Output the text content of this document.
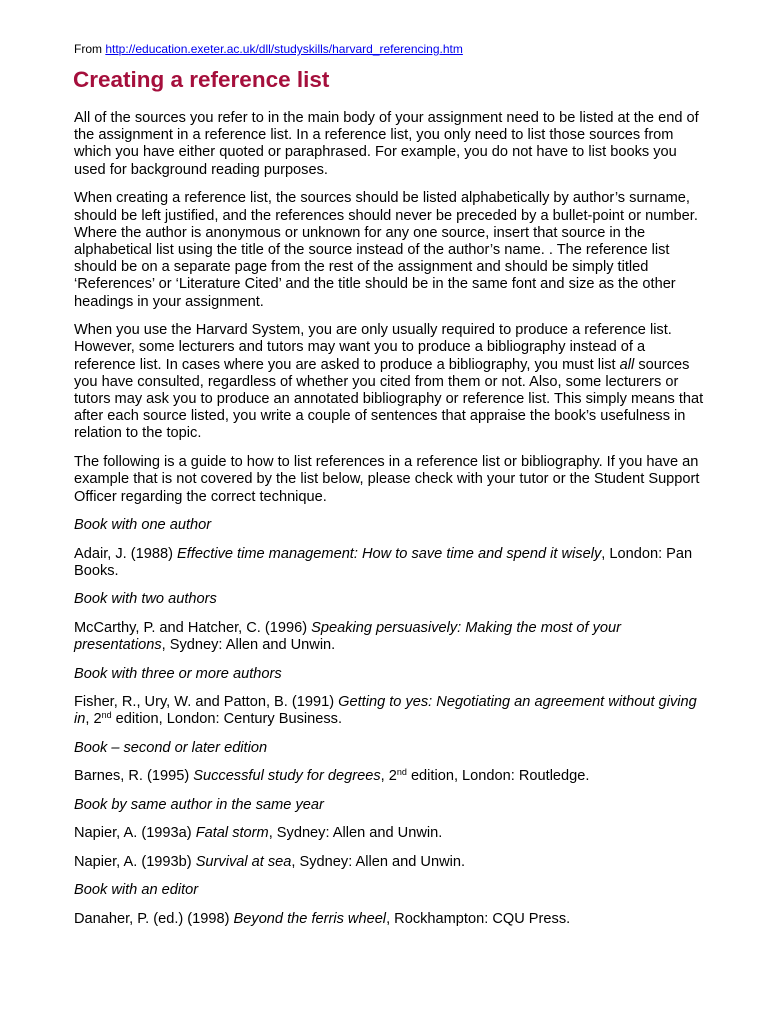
From http://education.exeter.ac.uk/dll/studyskills/harvard_referencing.htm
Creating a reference list

All of the sources you refer to in the main body of your assignment need to be listed at the end of the assignment in a reference list. In a reference list, you only need to list those sources from which you have either quoted or paraphrased. For example, you do not have to list books you used for background reading purposes.

When creating a reference list, the sources should be listed alphabetically by author’s surname, should be left justified, and the references should never be preceded by a bullet-point or number. Where the author is anonymous or unknown for any one source, insert that source in the alphabetical list using the title of the source instead of the author’s name. . The reference list should be on a separate page from the rest of the assignment and should be simply titled ‘References’ or ‘Literature Cited’ and the title should be in the same font and size as the other headings in your assignment.

When you use the Harvard System, you are only usually required to produce a reference list. However, some lecturers and tutors may want you to produce a bibliography instead of a reference list. In cases where you are asked to produce a bibliography, you must list all sources you have consulted, regardless of whether you cited from them or not. Also, some lecturers or tutors may ask you to produce an annotated bibliography or reference list. This simply means that after each source listed, you write a couple of sentences that appraise the book’s usefulness in relation to the topic.

The following is a guide to how to list references in a reference list or bibliography. If you have an example that is not covered by the list below, please check with your tutor or the Student Support Officer regarding the correct technique.

Book with one author

Adair, J. (1988) Effective time management: How to save time and spend it wisely, London: Pan Books.

Book with two authors

McCarthy, P. and Hatcher, C. (1996) Speaking persuasively: Making the most of your presentations, Sydney: Allen and Unwin.

Book with three or more authors

Fisher, R., Ury, W. and Patton, B. (1991) Getting to yes: Negotiating an agreement without giving in, 2nd edition, London: Century Business.

Book – second or later edition

Barnes, R. (1995) Successful study for degrees, 2nd edition, London: Routledge.

Book by same author in the same year

Napier, A. (1993a) Fatal storm, Sydney: Allen and Unwin.

Napier, A. (1993b) Survival at sea, Sydney: Allen and Unwin.

Book with an editor

Danaher, P. (ed.) (1998) Beyond the ferris wheel, Rockhampton: CQU Press.
